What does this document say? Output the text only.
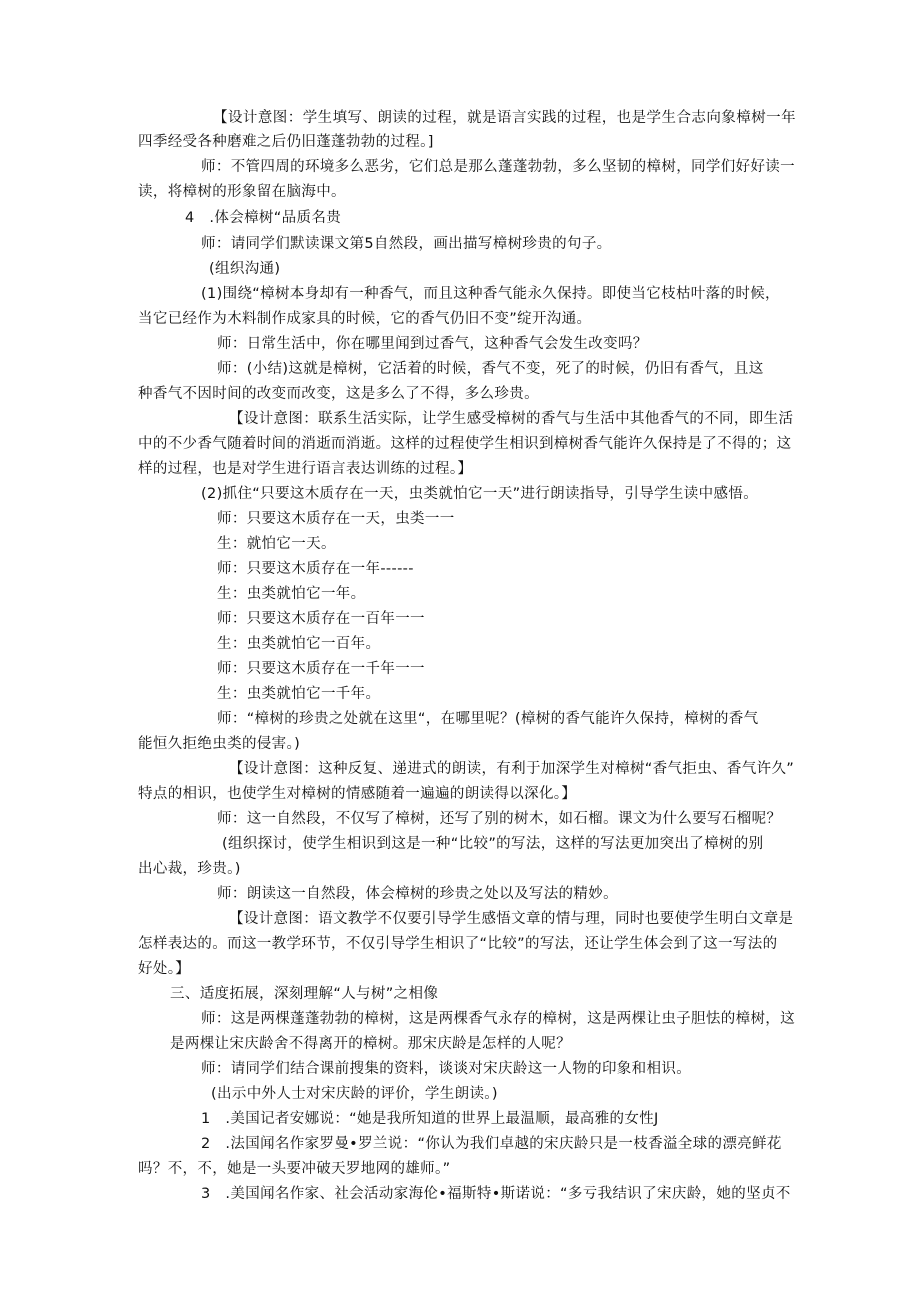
【设计意图：学生填写、朗读的过程，就是语言实践的过程，也是学生合志向象樟树一年

四季经受各种磨难之后仍旧蓬蓬勃勃的过程。]

师：不管四周的环境多么恶劣，它们总是那么蓬蓬勃勃，多么坚韧的樟树，同学们好好读一

读，将樟树的形象留在脑海中。

4　.体会樟树“品质名贵

师：请同学们默读课文第5自然段，画出描写樟树珍贵的句子。

(组织沟通)

(1)围绕“樟树本身却有一种香气，而且这种香气能永久保持。即使当它枝枯叶落的时候，

当它已经作为木料制作成家具的时候，它的香气仍旧不变”绽开沟通。

师：日常生活中，你在哪里闻到过香气，这种香气会发生改变吗？

师：(小结)这就是樟树，它活着的时候，香气不变，死了的时候，仍旧有香气，且这

种香气不因时间的改变而改变，这是多么了不得，多么珍贵。

【设计意图：联系生活实际，让学生感受樟树的香气与生活中其他香气的不同，即生活

中的不少香气随着时间的消逝而消逝。这样的过程使学生相识到樟树香气能许久保持是了不得的；这

样的过程，也是对学生进行语言表达训练的过程。】

(2)抓住“只要这木质存在一天，虫类就怕它一天”进行朗读指导，引导学生读中感悟。

师：只要这木质存在一天，虫类一一

生：就怕它一天。

师：只要这木质存在一年------

生：虫类就怕它一年。

师：只要这木质存在一百年一一

生：虫类就怕它一百年。

师：只要这木质存在一千年一一

生：虫类就怕它一千年。

师：“樟树的珍贵之处就在这里“，在哪里呢？(樟树的香气能许久保持，樟树的香气

能恒久拒绝虫类的侵害。)

【设计意图：这种反复、递进式的朗读，有利于加深学生对樟树“香气拒虫、香气许久”

特点的相识，也使学生对樟树的情感随着一遍遍的朗读得以深化。】

师：这一自然段，不仅写了樟树，还写了别的树木，如石榴。课文为什么要写石榴呢？

(组织探讨，使学生相识到这是一种“比较”的写法，这样的写法更加突出了樟树的别

出心裁，珍贵。)

师：朗读这一自然段，体会樟树的珍贵之处以及写法的精妙。

【设计意图：语文教学不仅要引导学生感悟文章的情与理，同时也要使学生明白文章是

怎样表达的。而这一教学环节，不仅引导学生相识了“比较”的写法，还让学生体会到了这一写法的

好处。】

三、适度拓展，深刻理解“人与树”之相像

师：这是两棵蓬蓬勃勃的樟树，这是两棵香气永存的樟树，这是两棵让虫子胆怯的樟树，这

是两棵让宋庆龄舍不得离开的樟树。那宋庆龄是怎样的人呢？

师：请同学们结合课前搜集的资料，谈谈对宋庆龄这一人物的印象和相识。

(出示中外人士对宋庆龄的评价，学生朗读。)

1　.美国记者安娜说：“她是我所知道的世界上最温顺，最高雅的女性J

2　.法国闻名作家罗曼•罗兰说：“你认为我们卓越的宋庆龄只是一枝香溢全球的漂亮鲜花

吗？不，不，她是一头要冲破天罗地网的雄师。”

3　.美国闻名作家、社会活动家海伦•福斯特•斯诺说：“多亏我结识了宋庆龄，她的坚贞不
